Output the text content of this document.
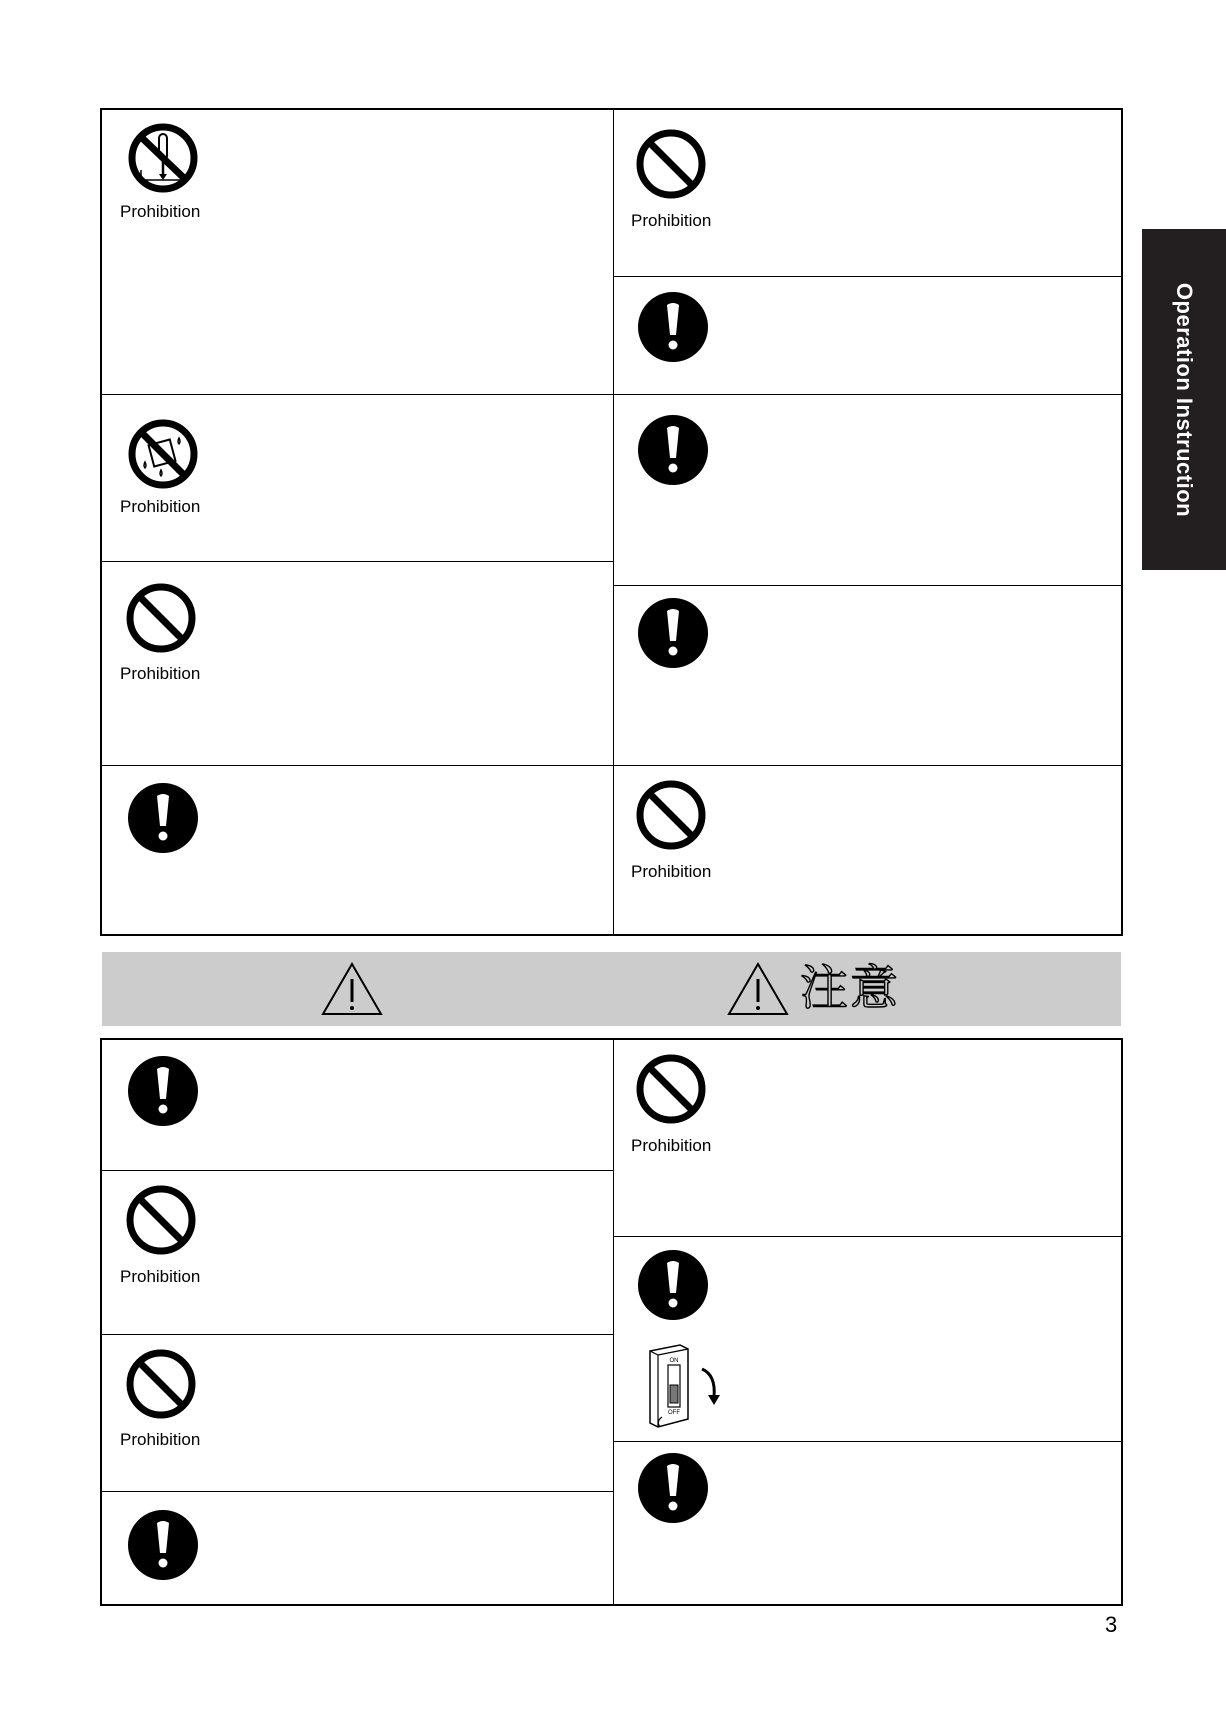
Prohibition	Prohibition
Prohibition
Prohibition
Prohibition
注意
Prohibition
Prohibition
Prohibition
ON
OFF
Operation Instruction
3
